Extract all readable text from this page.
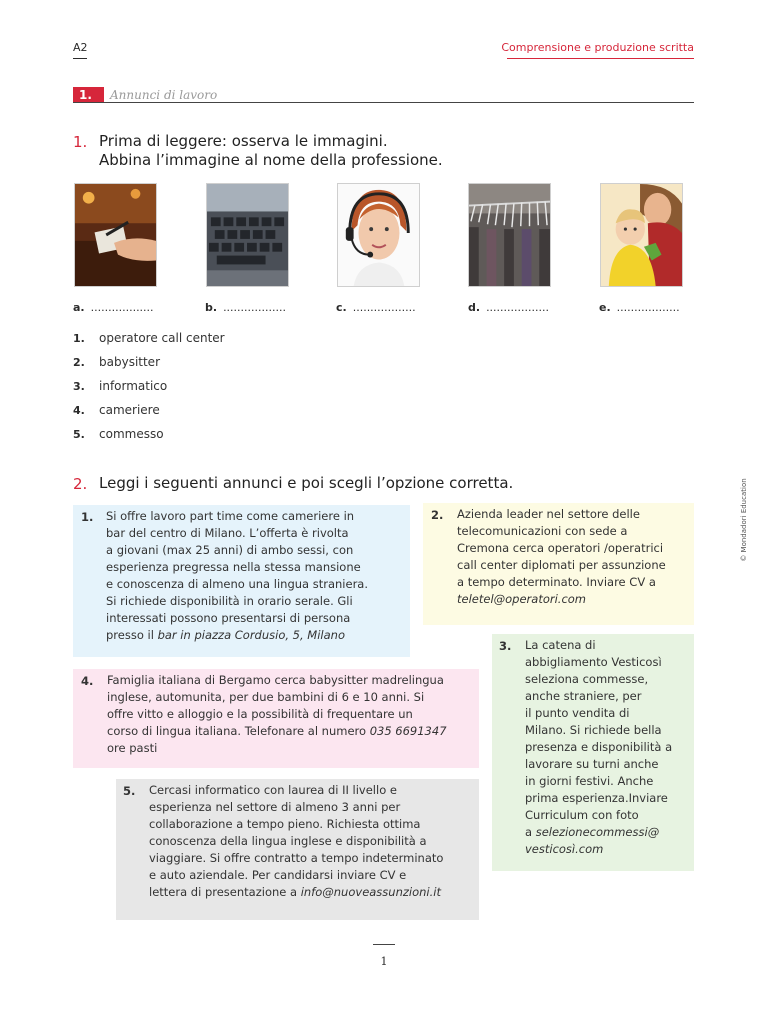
A2	Comprensione e produzione scritta
1.	Annunci di lavoro
1. Prima di leggere: osserva le immagini.
Abbina l’immagine al nome della professione.
a. ..................	b. ..................	c. ..................	d. ..................	e. ..................
1. operatore call center
2. babysitter
3. informatico
4. cameriere
5. commesso
2. Leggi i seguenti annunci e poi scegli l’opzione corretta.
1. Si offre lavoro part time come cameriere in
bar del centro di Milano. L’offerta è rivolta
a giovani (max 25 anni) di ambo sessi, con
esperienza pregressa nella stessa mansione
e conoscenza di almeno una lingua straniera.
Si richiede disponibilità in orario serale. Gli
interessati possono presentarsi di persona
presso il bar in piazza Cordusio, 5, Milano
2. Azienda leader nel settore delle
telecomunicazioni con sede a
Cremona cerca operatori /operatrici
call center diplomati per assunzione
a tempo determinato. Inviare CV a
teletel@operatori.com
3. La catena di
abbigliamento Vesticosì
seleziona commesse,
anche straniere, per
il punto vendita di
Milano. Si richiede bella
presenza e disponibilità a
lavorare su turni anche
in giorni festivi. Anche
prima esperienza.Inviare
Curriculum con foto
a selezionecommessi@
vesticosì.com
4. Famiglia italiana di Bergamo cerca babysitter madrelingua
inglese, automunita, per due bambini di 6 e 10 anni. Si
offre vitto e alloggio e la possibilità di frequentare un
corso di lingua italiana. Telefonare al numero 035 6691347
ore pasti
5. Cercasi informatico con laurea di II livello e
esperienza nel settore di almeno 3 anni per
collaborazione a tempo pieno. Richiesta ottima
conoscenza della lingua inglese e disponibilità a
viaggiare. Si offre contratto a tempo indeterminato
e auto aziendale. Per candidarsi inviare CV e
lettera di presentazione a info@nuoveassunzioni.it
© Mondadori Education
1
